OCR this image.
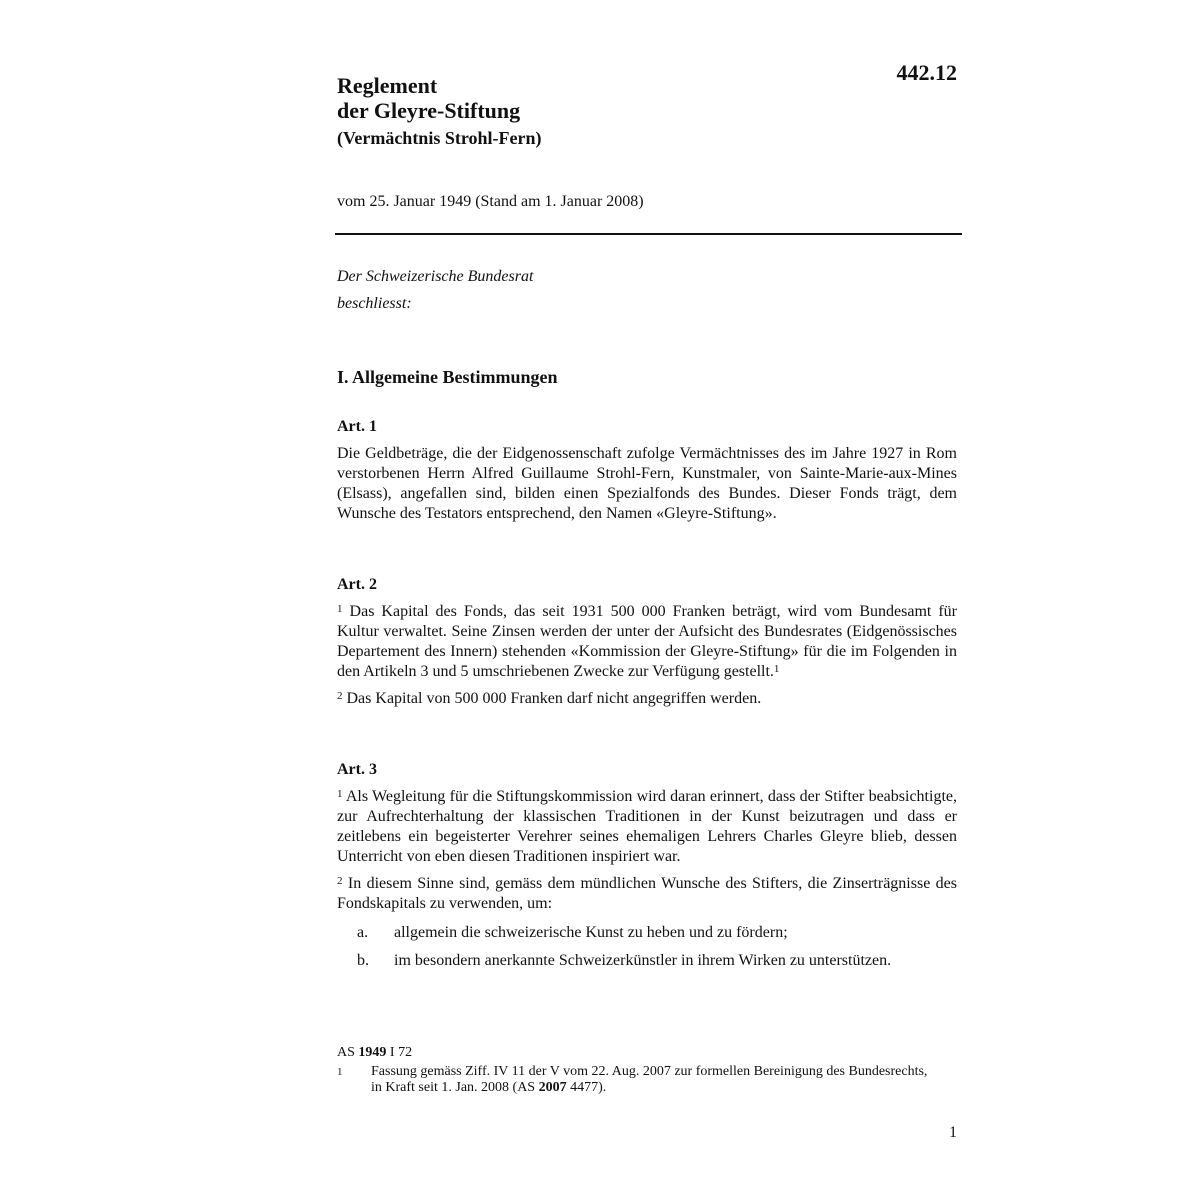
442.12
Reglement
der Gleyre-Stiftung
(Vermächtnis Strohl-Fern)
vom 25. Januar 1949 (Stand am 1. Januar 2008)
Der Schweizerische Bundesrat
beschliesst:
I. Allgemeine Bestimmungen
Art. 1

Die Geldbeträge, die der Eidgenossenschaft zufolge Vermächtnisses des im Jahre 1927 in Rom verstorbenen Herrn Alfred Guillaume Strohl-Fern, Kunstmaler, von Sainte-Marie-aux-Mines (Elsass), angefallen sind, bilden einen Spezialfonds des Bundes. Dieser Fonds trägt, dem Wunsche des Testators entsprechend, den Namen «Gleyre-Stiftung».

Art. 2

$^1$ Das Kapital des Fonds, das seit 1931 500 000 Franken beträgt, wird vom Bundesamt für Kultur verwaltet. Seine Zinsen werden der unter der Aufsicht des Bundesrates (Eidgenössisches Departement des Innern) stehenden «Kommission der Gleyre-Stiftung» für die im Folgenden in den Artikeln 3 und 5 umschriebenen Zwecke zur Verfügung gestellt.$^1$

$^2$ Das Kapital von 500 000 Franken darf nicht angegriffen werden.

Art. 3

$^1$ Als Wegleitung für die Stiftungskommission wird daran erinnert, dass der Stifter beabsichtigte, zur Aufrechterhaltung der klassischen Traditionen in der Kunst beizutragen und dass er zeitlebens ein begeisterter Verehrer seines ehemaligen Lehrers Charles Gleyre blieb, dessen Unterricht von eben diesen Traditionen inspiriert war.

$^2$ In diesem Sinne sind, gemäss dem mündlichen Wunsche des Stifters, die Zinserträgnisse des Fondskapitals zu verwenden, um:

a.	allgemein die schweizerische Kunst zu heben und zu fördern;
b.	im besondern anerkannte Schweizerkünstler in ihrem Wirken zu unterstützen.
AS 1949 I 72
1	Fassung gemäss Ziff. IV 11 der V vom 22. Aug. 2007 zur formellen Bereinigung des Bundesrechts, in Kraft seit 1. Jan. 2008 (AS 2007 4477).
1
